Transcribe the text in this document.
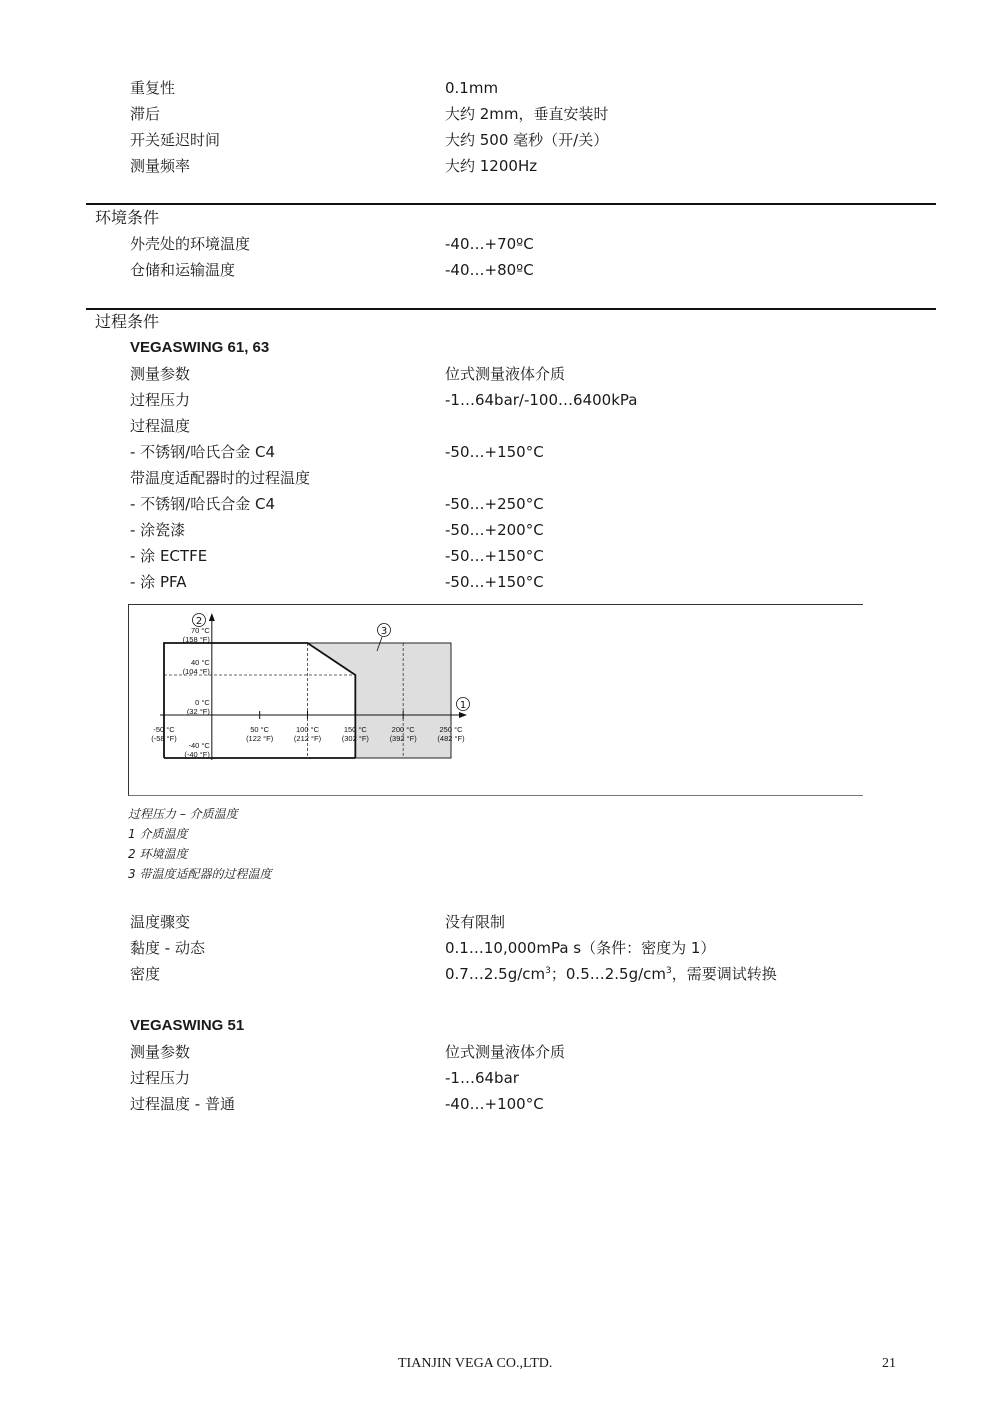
重复性	0.1mm
滞后	大约 2mm，垂直安装时
开关延迟时间	大约 500 毫秒（开/关）
测量频率	大约 1200Hz
环境条件
外壳处的环境温度	-40…+70ºC
仓储和运输温度	-40…+80ºC
过程条件
VEGASWING 61, 63
测量参数	位式测量液体介质
过程压力	-1…64bar/-100…6400kPa
过程温度
- 不锈钢/哈氏合金 C4	-50…+150°C
带温度适配器时的过程温度
- 不锈钢/哈氏合金 C4	-50…+250°C
- 涂瓷漆	-50…+200°C
- 涂 ECTFE	-50…+150°C
- 涂 PFA	-50…+150°C
-50 °C
(-58 °F)
50 °C
(122 °F)
100 °C
(212 °F)
150 °C
(302 °F)
200 °C
(392 °F)
250 °C
(482 °F)
70 °C
(158 °F)
40 °C
(104 °F)
0 °C
(32 °F)
-40 °C
(-40 °F)
2
1
3
过程压力 – 介质温度
1 介质温度
2 环境温度
3 带温度适配器的过程温度
温度骤变	没有限制
黏度 - 动态	0.1…10,000mPa s（条件：密度为 1）
密度	$0.7\dots 2.5g/cm^3$；$0.5\dots 2.5g/cm^3$，需要调试转换
VEGASWING 51
测量参数	位式测量液体介质
过程压力	-1…64bar
过程温度 - 普通	-40…+100°C
TIANJIN VEGA CO.,LTD.	21
